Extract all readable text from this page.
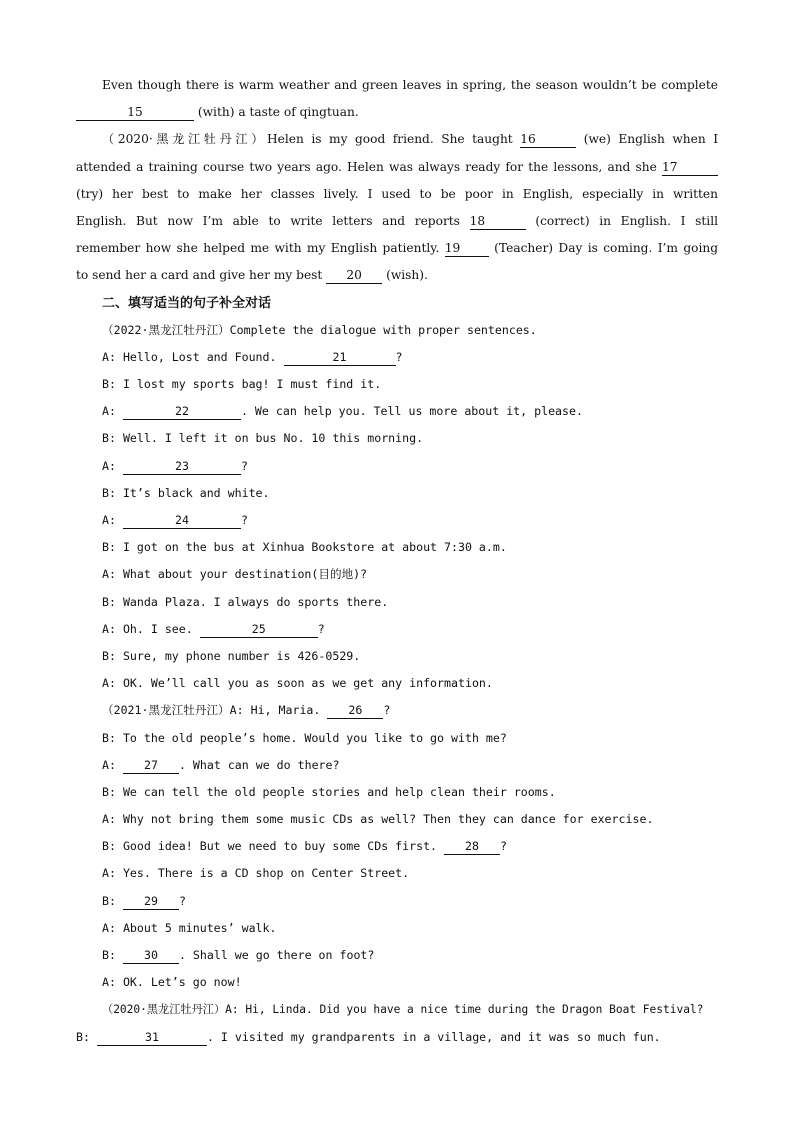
Even though there is warm weather and green leaves in spring, the season wouldn’t be complete
15	(with) a taste of qingtuan.
（2020·黑龙江牡丹江）Helen is my good friend. She taught 16	(we) English when I
attended a training course two years ago. Helen was always ready for the lessons, and she 17
(try) her best to make her classes lively. I used to be poor in English, especially in written
English. But now I’m able to write letters and reports 18	(correct) in English. I still
remember how she helped me with my English patiently. 19	(Teacher) Day is coming. I’m going
to send her a card and give her my best 20 (wish).
二、填写适当的句子补全对话
（2022·黑龙江牡丹江）Complete the dialogue with proper sentences.
A: Hello, Lost and Found.	21	?
B: I lost my sports bag! I must find it.
A:	22	. We can help you. Tell us more about it, please.
B: Well. I left it on bus No. 10 this morning.
A:	23	?
B: It’s black and white.
A:	24	?
B: I got on the bus at Xinhua Bookstore at about 7:30 a.m.
A: What about your destination(目的地)?
B: Wanda Plaza. I always do sports there.
A: Oh. I see.	25	?
B: Sure, my phone number is 426-0529.
A: OK. We’ll call you as soon as we get any information.
（2021·黑龙江牡丹江）A: Hi, Maria. 26 ?
B: To the old people’s home. Would you like to go with me?
A: 27 . What can we do there?
B: We can tell the old people stories and help clean their rooms.
A: Why not bring them some music CDs as well? Then they can dance for exercise.
B: Good idea! But we need to buy some CDs first. 28 ?
A: Yes. There is a CD shop on Center Street.
B: 29 ?
A: About 5 minutes’ walk.
B: 30 . Shall we go there on foot?
A: OK. Let’s go now!
（2020·黑龙江牡丹江）A: Hi, Linda. Did you have a nice time during the Dragon Boat Festival?
B:	31	. I visited my grandparents in a village, and it was so much fun.
